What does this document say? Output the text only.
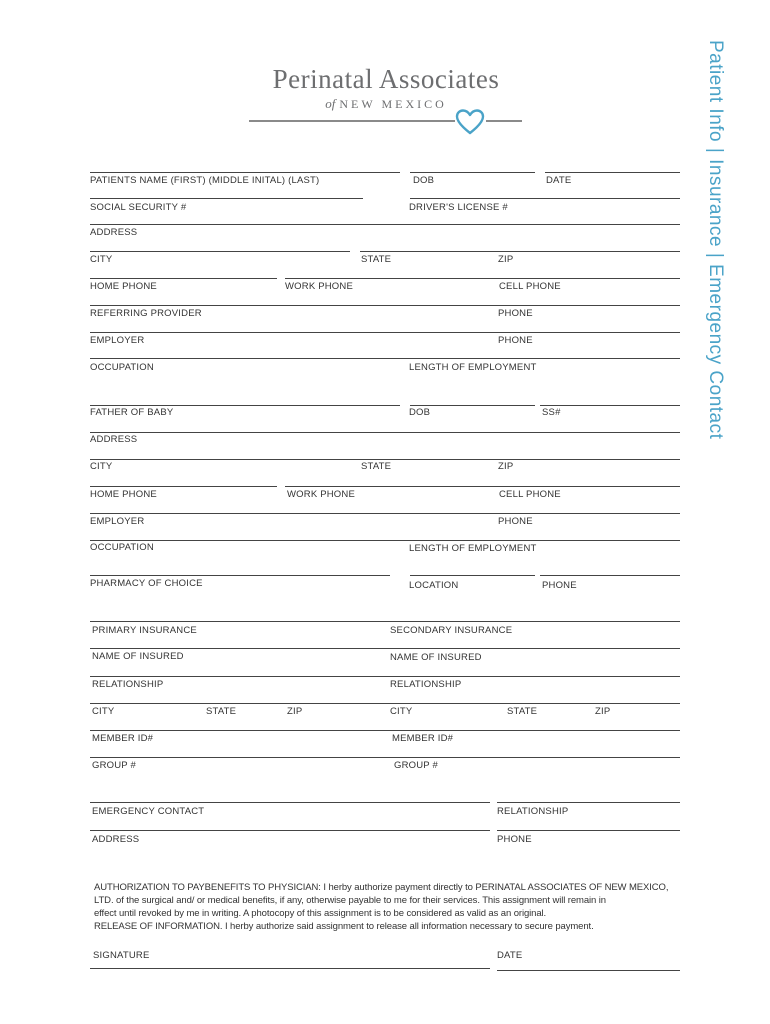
Perinatal Associates
of NEW MEXICO	Patient Info | Insurance | Emergency Contact
PATIENTS NAME (FIRST) (MIDDLE INITAL) (LAST)	DOB	DATE
SOCIAL SECURITY #	DRIVER'S LICENSE #
ADDRESS
CITY	STATE	ZIP
HOME PHONE	WORK PHONE	CELL PHONE
REFERRING PROVIDER	PHONE
EMPLOYER	PHONE
OCCUPATION	LENGTH OF EMPLOYMENT
FATHER OF BABY	DOB	SS#
ADDRESS
CITY	STATE	ZIP
HOME PHONE	WORK PHONE	CELL PHONE
EMPLOYER	PHONE
OCCUPATION	LENGTH OF EMPLOYMENT
PHARMACY OF CHOICE	LOCATION	PHONE
PRIMARY INSURANCE	SECONDARY INSURANCE
NAME OF INSURED	NAME OF INSURED
RELATIONSHIP	RELATIONSHIP
CITY	STATE	ZIP	CITY	STATE	ZIP
MEMBER ID#	MEMBER ID#
GROUP #	GROUP #
EMERGENCY CONTACT	RELATIONSHIP
ADDRESS	PHONE
AUTHORIZATION TO PAYBENEFITS TO PHYSICIAN: I herby authorize payment directly to PERINATAL ASSOCIATES OF NEW MEXICO,
LTD. of the surgical and/ or medical benefits, if any, otherwise payable to me for their services. This assignment will remain in
effect until revoked by me in writing. A photocopy of this assignment is to be considered as valid as an original.
RELEASE OF INFORMATION. I herby authorize said assignment to release all information necessary to secure payment.
SIGNATURE	DATE
